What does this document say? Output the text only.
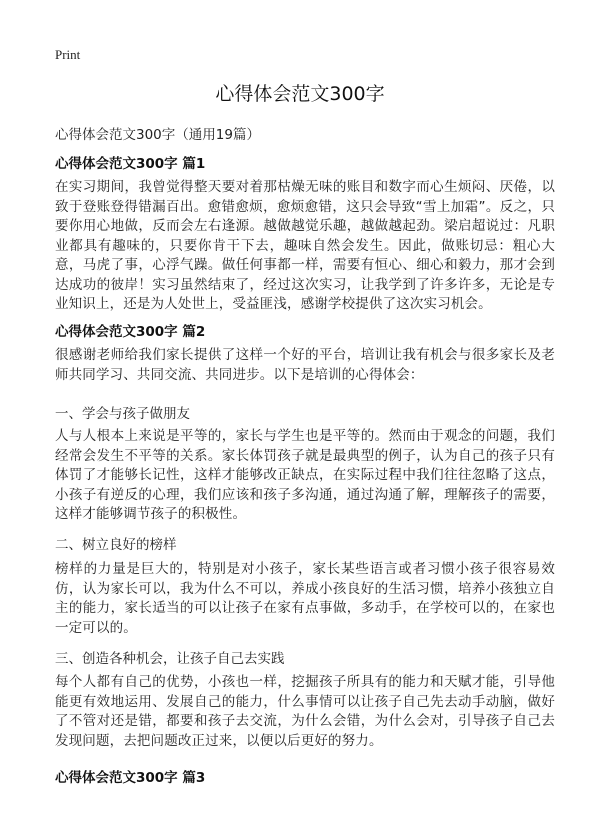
Print
心得体会范文300字
心得体会范文300字（通用19篇）
心得体会范文300字 篇1
在实习期间，我曾觉得整天要对着那枯燥无味的账目和数字而心生烦闷、厌倦，以致于登账登得错漏百出。愈错愈烦，愈烦愈错，这只会导致“雪上加霜”。反之，只要你用心地做，反而会左右逢源。越做越觉乐趣，越做越起劲。梁启超说过：凡职业都具有趣味的，只要你肯干下去，趣味自然会发生。因此，做账切忌：粗心大意，马虎了事，心浮气躁。做任何事都一样，需要有恒心、细心和毅力，那才会到达成功的彼岸！实习虽然结束了，经过这次实习，让我学到了许多许多，无论是专业知识上，还是为人处世上，受益匪浅，感谢学校提供了这次实习机会。
心得体会范文300字 篇2
很感谢老师给我们家长提供了这样一个好的平台，培训让我有机会与很多家长及老师共同学习、共同交流、共同进步。以下是培训的心得体会：
一、学会与孩子做朋友
人与人根本上来说是平等的，家长与学生也是平等的。然而由于观念的问题，我们经常会发生不平等的关系。家长体罚孩子就是最典型的例子，认为自己的孩子只有体罚了才能够长记性，这样才能够改正缺点，在实际过程中我们往往忽略了这点，小孩子有逆反的心理，我们应该和孩子多沟通，通过沟通了解，理解孩子的需要，这样才能够调节孩子的积极性。
二、树立良好的榜样
榜样的力量是巨大的，特别是对小孩子，家长某些语言或者习惯小孩子很容易效仿，认为家长可以，我为什么不可以，养成小孩良好的生活习惯，培养小孩独立自主的能力，家长适当的可以让孩子在家有点事做，多动手，在学校可以的，在家也一定可以的。
三、创造各种机会，让孩子自己去实践
每个人都有自己的优势，小孩也一样，挖掘孩子所具有的能力和天赋才能，引导他能更有效地运用、发展自己的能力，什么事情可以让孩子自己先去动手动脑，做好了不管对还是错，都要和孩子去交流，为什么会错，为什么会对，引导孩子自己去发现问题，去把问题改正过来，以便以后更好的努力。
心得体会范文300字 篇3
